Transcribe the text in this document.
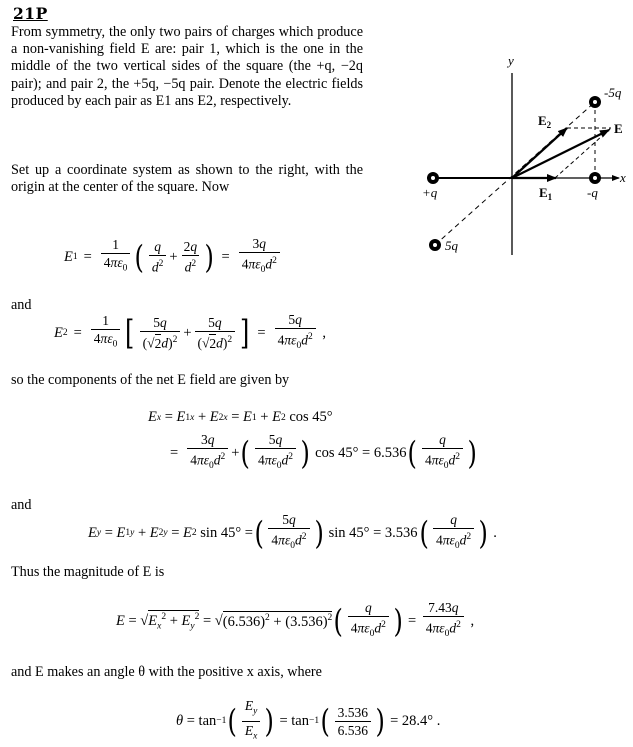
21P
From symmetry, the only two pairs of charges which produce a non-vanishing field E are: pair 1, which is the one in the middle of the two vertical sides of the square (the +q, −2q pair); and pair 2, the +5q, −5q pair. Denote the electric fields produced by each pair as E1 ans E2, respectively.
Set up a coordinate system as shown to the right, with the origin at the center of the square. Now
E $1 = \frac{1}{4\pi\varepsilon_0}$ ( $\frac{q}{d^2} + \frac{2q}{d^2}$ ) = $\frac{3q}{4\pi\varepsilon_0d^2}$
and
E $2 = \frac{1}{4\pi\varepsilon_0}$ [ $\frac{5q}{(√2d)^2} + \frac{5q}{(√2d)^2}$ ] = $\frac{5q}{4\pi\varepsilon_0d^2}$ ,
so the components of the net E field are given by
E x = E 1x + E 2x = E 1 + E 2 cos 45°
= $\frac{3q}{4\pi\varepsilon_0d^2}$ + ( $\frac{5q}{4\pi\varepsilon_0d^2}$ ) cos 45° = 6.536 ( $\frac{q}{4\pi\varepsilon_0d^2}$ )
and
E y = E 1y + E 2y = E 2 sin 45° = ( $\frac{5q}{4\pi\varepsilon_0d^2}$ ) sin 45° = 3.536 ( $\frac{q}{4\pi\varepsilon_0d^2}$ ) .
Thus the magnitude of E is
E = √ $E_x^2 + E_y^2$ = √ $(6.536)^2 + (3.536)^2$ ( $\frac{q}{4\pi\varepsilon_0d^2}$ ) = $\frac{7.43q}{4\pi\varepsilon_0d^2}$ ,
and E makes an angle θ with the positive x axis, where
θ = tan −1 ( $\frac{E_y}{E_x}$ ) = tan −1 ( $\frac{3.536}{6.536}$ ) = 28.4° .
y
x
-5q
+q	-q
5q
E
$E_2$
$E_1$
